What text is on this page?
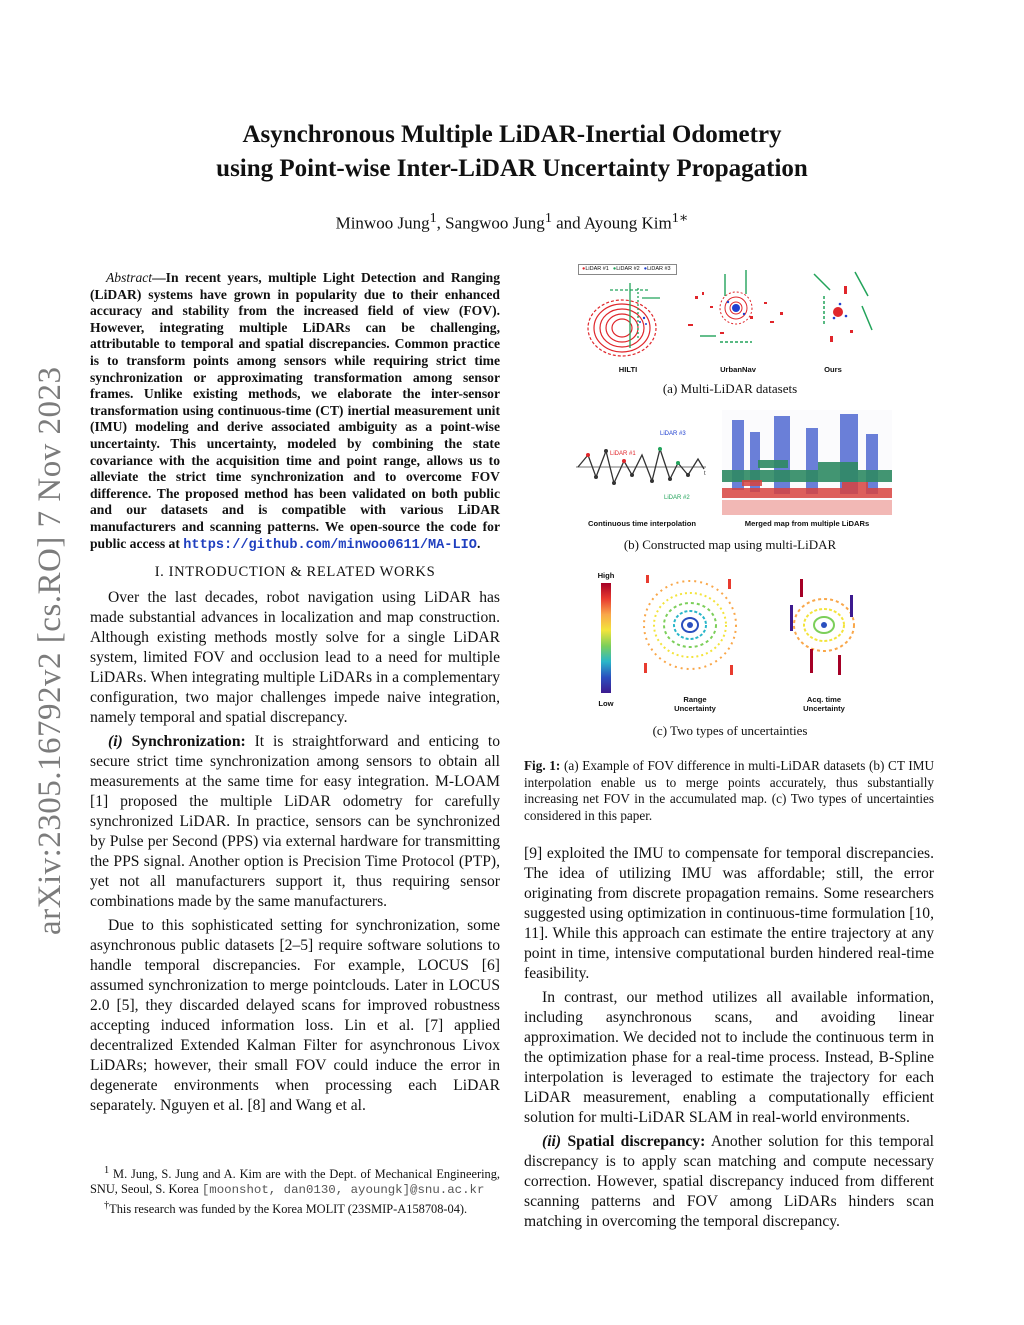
arXiv:2305.16792v2 [cs.RO] 7 Nov 2023
Asynchronous Multiple LiDAR-Inertial Odometry
using Point-wise Inter-LiDAR Uncertainty Propagation
Minwoo Jung$^1$, Sangwoo Jung$^1$ and Ayoung Kim$^{1∗}$
Abstract—In recent years, multiple Light Detection and Ranging (LiDAR) systems have grown in popularity due to their enhanced accuracy and stability from the increased field of view (FOV). However, integrating multiple LiDARs can be challenging, attributable to temporal and spatial discrepancies. Common practice is to transform points among sensors while requiring strict time synchronization or approximating transformation among sensor frames. Unlike existing methods, we elaborate the inter-sensor transformation using continuous-time (CT) inertial measurement unit (IMU) modeling and derive associated ambiguity as a point-wise uncertainty. This uncertainty, modeled by combining the state covariance with the acquisition time and point range, allows us to alleviate the strict time synchronization and to overcome FOV difference. The proposed method has been validated on both public and our datasets and is compatible with various LiDAR manufacturers and scanning patterns. We open-source the code for public access at https://github.com/minwoo0611/MA-LIO.
I. INTRODUCTION & RELATED WORKS

Over the last decades, robot navigation using LiDAR has made substantial advances in localization and map construction. Although existing methods mostly solve for a single LiDAR system, limited FOV and occlusion lead to a need for multiple LiDARs. When integrating multiple LiDARs in a complementary configuration, two major challenges impede naive integration, namely temporal and spatial discrepancy.

(i) Synchronization: It is straightforward and enticing to secure strict time synchronization among sensors to obtain all measurements at the same time for easy integration. M-LOAM [1] proposed the multiple LiDAR odometry for carefully synchronized LiDAR. In practice, sensors can be synchronized by Pulse per Second (PPS) via external hardware for transmitting the PPS signal. Another option is Precision Time Protocol (PTP), yet not all manufacturers support it, thus requiring sensor combinations made by the same manufacturers.

Due to this sophisticated setting for synchronization, some asynchronous public datasets [2–5] require software solutions to handle temporal discrepancies. For example, LOCUS [6] assumed synchronization to merge pointclouds. Later in LOCUS 2.0 [5], they discarded delayed scans for improved robustness accepting induced information loss. Lin et al. [7] applied decentralized Extended Kalman Filter for asynchronous Livox LiDARs; however, their small FOV could induce the error in degenerate environments when processing each LiDAR separately. Nguyen et al. [8] and Wang et al.

$^1$ M. Jung, S. Jung and A. Kim are with the Dept. of Mechanical Engineering, SNU, Seoul, S. Korea [moonshot, dan0130, ayoungk]@snu.ac.kr
†This research was funded by the Korea MOLIT (23SMIP-A158708-04).
●LiDAR #1 ●LiDAR #2 ●LiDAR #3
HILTI	UrbanNav	Ours
(a) Multi-LiDAR datasets
LiDAR #3
LiDAR #1
LiDAR #2
t
Continuous time interpolation	Merged map from multiple LiDARs
(b) Constructed map using multi-LiDAR
High
Low	Range
Uncertainty
Acq. time
Uncertainty
(c) Two types of uncertainties
Fig. 1: (a) Example of FOV difference in multi-LiDAR datasets (b) CT IMU interpolation enable us to merge points accurately, thus substantially increasing net FOV in the accumulated map. (c) Two types of uncertainties considered in this paper.

[9] exploited the IMU to compensate for temporal discrepancies. The idea of utilizing IMU was affordable; still, the error originating from discrete propagation remains. Some researchers suggested using optimization in continuous-time formulation [10, 11]. While this approach can estimate the entire trajectory at any point in time, intensive computational burden hindered real-time feasibility.

In contrast, our method utilizes all available information, including asynchronous scans, and avoiding linear approximation. We decided not to include the continuous term in the optimization phase for a real-time process. Instead, B-Spline interpolation is leveraged to estimate the trajectory for each LiDAR measurement, enabling a computationally efficient solution for multi-LiDAR SLAM in real-world environments.

(ii) Spatial discrepancy: Another solution for this temporal discrepancy is to apply scan matching and compute necessary correction. However, spatial discrepancy induced from different scanning patterns and FOV among LiDARs hinders scan matching in overcoming the temporal discrepancy.
